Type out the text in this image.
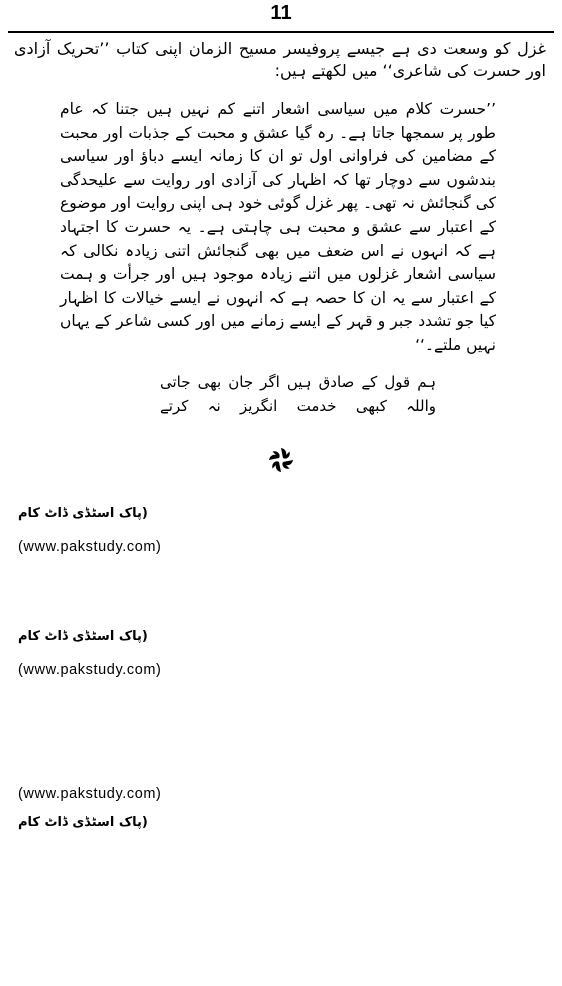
11

غزل کو وسعت دی ہے جیسے پروفیسر مسیح الزمان اپنی کتاب ’’تحریک آزادی اور حسرت کی شاعری‘‘ میں لکھتے ہیں:

’’حسرت کلام میں سیاسی اشعار اتنے کم نہیں ہیں جتنا کہ عام طور پر سمجھا جاتا ہے۔ رہ گیا عشق و محبت کے جذبات اور محبت کے مضامین کی فراوانی اول تو ان کا زمانہ ایسے دباؤ اور سیاسی بندشوں سے دوچار تھا کہ اظہار کی آزادی اور روایت سے علیحدگی کی گنجائش نہ تھی۔ پھر غزل گوئی خود ہی اپنی روایت اور موضوع کے اعتبار سے عشق و محبت ہی چاہتی ہے۔ یہ حسرت کا اجتہاد ہے کہ انہوں نے اس ضعف میں بھی گنجائش اتنی زیادہ نکالی کہ سیاسی اشعار غزلوں میں اتنے زیادہ موجود ہیں اور جرأت و ہمت کے اعتبار سے یہ ان کا حصہ ہے کہ انہوں نے ایسے خیالات کا اظہار کیا جو تشدد جبر و قہر کے ایسے زمانے میں اور کسی شاعر کے یہاں نہیں ملتے۔‘‘

ہم قول کے صادق ہیں اگر جان بھی جاتی

واللہ کبھی خدمت انگریز نہ کرتے

(پاک اسٹڈی ڈاٹ کام

(www.pakstudy.com)

(پاک اسٹڈی ڈاٹ کام

(www.pakstudy.com)

(www.pakstudy.com)

(پاک اسٹڈی ڈاٹ کام
